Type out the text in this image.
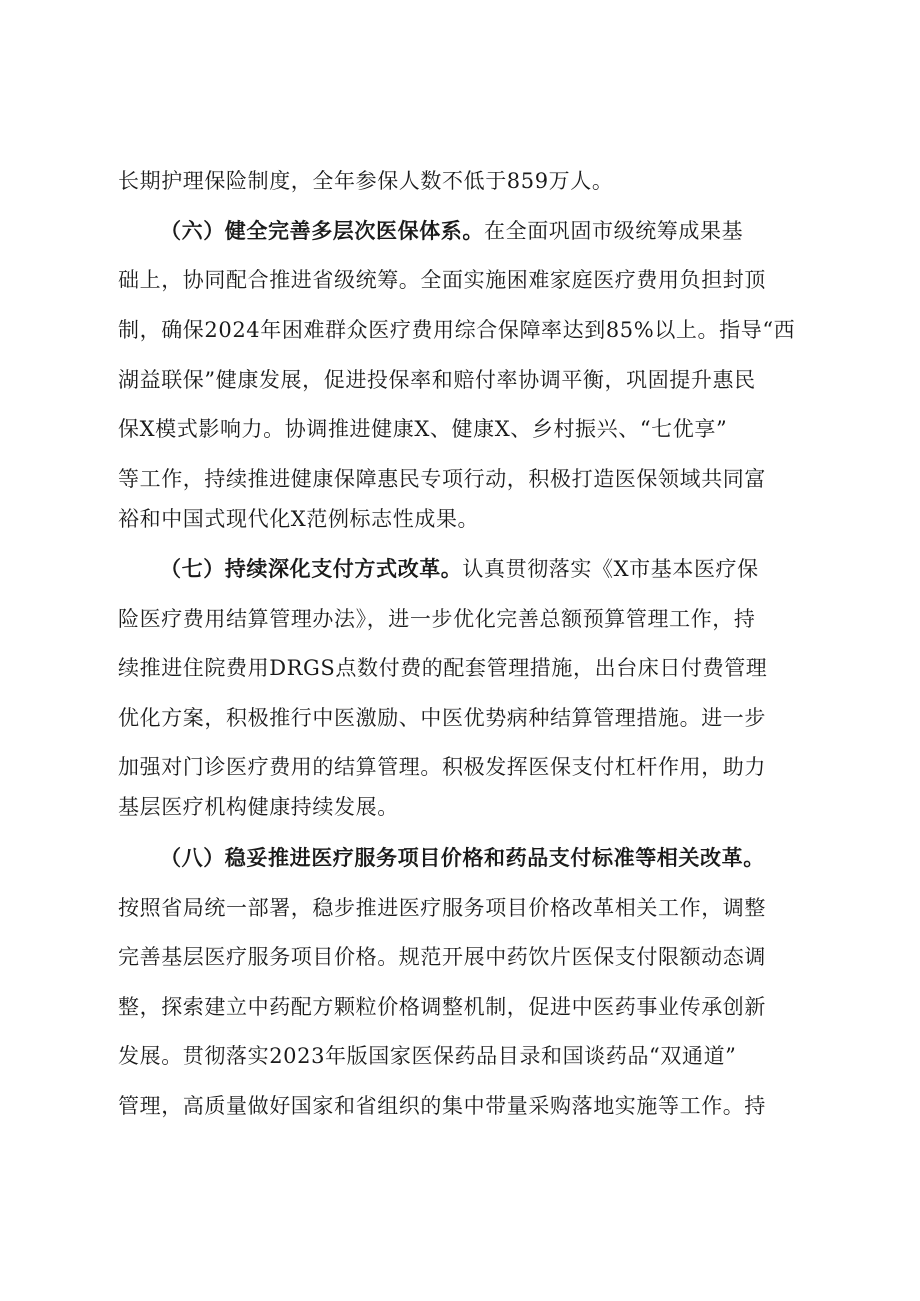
长期护理保险制度，全年参保人数不低于859万人。
（六）健全完善多层次医保体系。在全面巩固市级统筹成果基
础上，协同配合推进省级统筹。全面实施困难家庭医疗费用负担封顶
制，确保2024年困难群众医疗费用综合保障率达到85%以上。指导“西
湖益联保”健康发展，促进投保率和赔付率协调平衡，巩固提升惠民
保X模式影响力。协调推进健康X、健康X、乡村振兴、“七优享”
等工作，持续推进健康保障惠民专项行动，积极打造医保领域共同富
裕和中国式现代化X范例标志性成果。
（七）持续深化支付方式改革。认真贯彻落实《X市基本医疗保
险医疗费用结算管理办法》，进一步优化完善总额预算管理工作，持
续推进住院费用DRGS点数付费的配套管理措施，出台床日付费管理
优化方案，积极推行中医激励、中医优势病种结算管理措施。进一步
加强对门诊医疗费用的结算管理。积极发挥医保支付杠杆作用，助力
基层医疗机构健康持续发展。
（八）稳妥推进医疗服务项目价格和药品支付标准等相关改革。
按照省局统一部署，稳步推进医疗服务项目价格改革相关工作，调整
完善基层医疗服务项目价格。规范开展中药饮片医保支付限额动态调
整，探索建立中药配方颗粒价格调整机制，促进中医药事业传承创新
发展。贯彻落实2023年版国家医保药品目录和国谈药品“双通道”
管理，高质量做好国家和省组织的集中带量采购落地实施等工作。持
